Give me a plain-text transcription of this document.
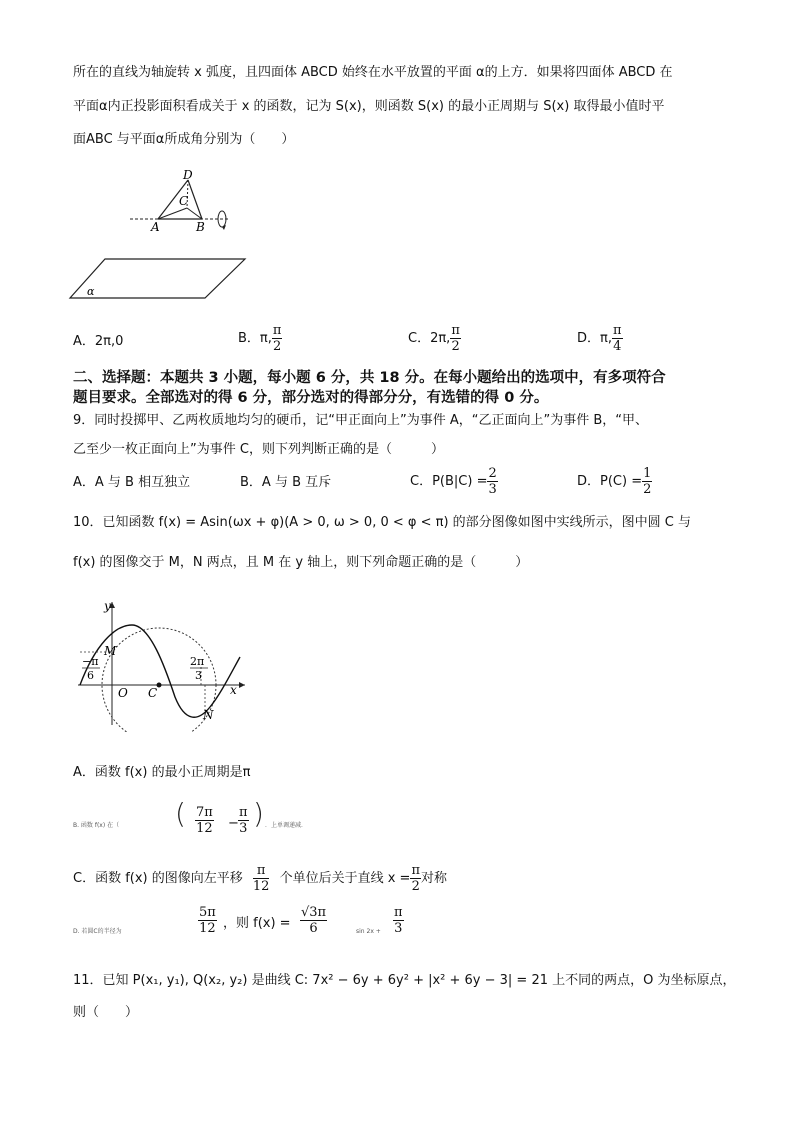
所在的直线为轴旋转 x 弧度，且四面体 ABCD 始终在水平放置的平面 α的上方．如果将四面体 ABCD 在
平面α内正投影面积看成关于 x 的函数，记为 S(x)，则函数 S(x) 的最小正周期与 S(x) 取得最小值时平
面ABC 与平面α所成角分别为（　　）
D
C
A	B
α
A．2π,0	B．π, $\frac{\pi}{2}$	C．2π, $\frac{\pi}{2}$	D．π, $\frac{\pi}{4}$
二、选择题：本题共 3 小题，每小题 6 分，共 18 分。在每小题给出的选项中，有多项符合
题目要求。全部选对的得 6 分，部分选对的得部分分，有选错的得 0 分。
9．同时投掷甲、乙两枚质地均匀的硬币，记“甲正面向上”为事件 A，“乙正面向上”为事件 B，“甲、
乙至少一枚正面向上”为事件 C，则下列判断正确的是（　　　）
A．A 与 B 相互独立	B．A 与 B 互斥	C．$P(B|C) = \frac{2}{3}$	D．$P(C) = \frac{1}{2}$
10．已知函数 f(x) = Asin(ωx + φ)(A > 0, ω > 0, 0 < φ < π) 的部分图像如图中实线所示，图中圆 C 与
f(x) 的图像交于 M，N 两点，且 M 在 y 轴上，则下列命题正确的是（　　　）
y
x
O C
M
N
−π
6
2π
3
A．函数 f(x) 的最小正周期是π
B. 函数 f(x) 在（ ( $\frac{7\pi}{12} - \frac{\pi}{3}$ ) ．上单调递减．
C．函数 f(x) 的图像向左平移 $\frac{\pi}{12}$ 个单位后关于直线 $x = \frac{\pi}{2}$ 对称
D. 若圆C的半径为	$\frac{5\pi}{12}$ ，则 $f(x) = \frac{√3\pi}{6}$	$\sin 2x + \frac{\pi}{3}$
11．已知 P(x₁, y₁), Q(x₂, y₂) 是曲线 C: 7x² − 6y + 6y² + |x² + 6y − 3| = 21 上不同的两点，O 为坐标原点，
则（　　）
